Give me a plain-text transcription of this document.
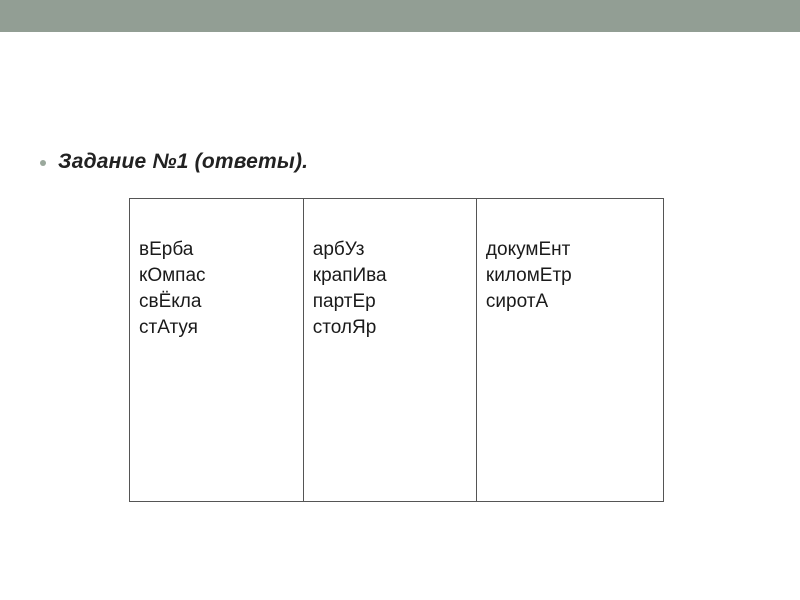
Задание №1 (ответы).
вЕрба
кОмпас
свЁкла
стАтуя

арбУз
крапИва
партЕр
столЯр

докумЕнт
киломЕтр
сиротА
